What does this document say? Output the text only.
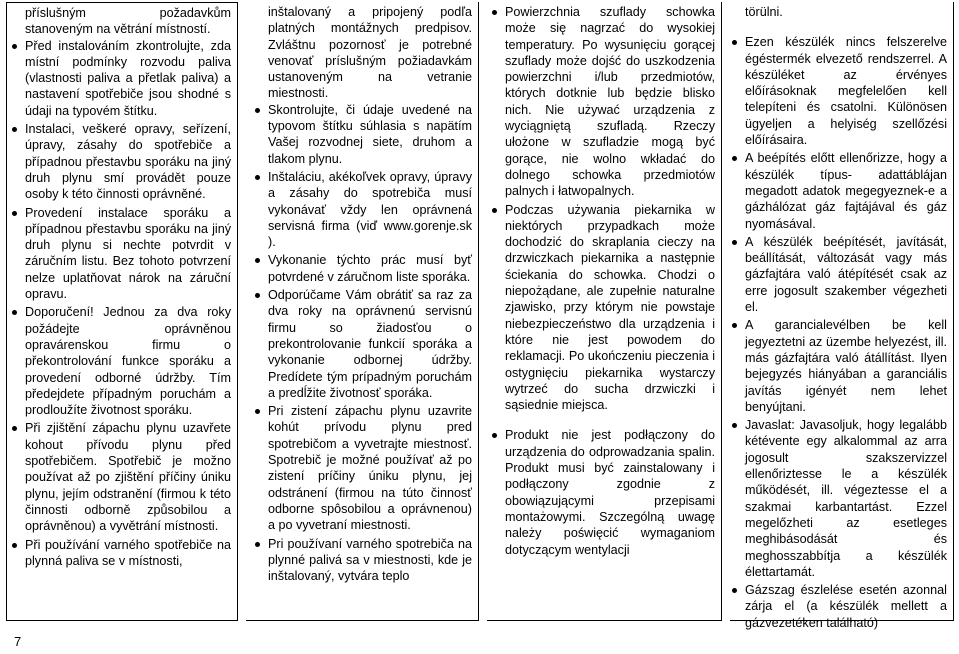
příslušným požadavkům stanoveným na větrání místností.

Před instalováním zkontrolujte, zda místní podmínky rozvodu paliva (vlastnosti paliva a přetlak paliva) a nastavení spotřebiče jsou shodné s údaji na typovém štítku.
Instalaci, veškeré opravy, seřízení, úpravy, zásahy do spotřebiče a případnou přestavbu sporáku na jiný druh plynu smí provádět pouze osoby k této činnosti oprávněné.
Provedení instalace sporáku a případnou přestavbu sporáku na jiný druh plynu si nechte potvrdit v záručním listu. Bez tohoto potvrzení nelze uplatňovat nárok na záruční opravu.
Doporučení! Jednou za dva roky požádejte oprávněnou opravárenskou firmu o překontrolování funkce sporáku a provedení odborné údržby. Tím předejdete případným poruchám a prodloužíte životnost sporáku.
Při zjištění zápachu plynu uzavřete kohout přívodu plynu před spotřebičem. Spotřebič je možno používat až po zjištění příčiny úniku plynu, jejím odstranění (firmou k této činnosti odborně způsobilou a oprávněnou) a vyvětrání místnosti.
Při používání varného spotřebiče na plynná paliva se v místnosti,

inštalovaný a pripojený podľa platných montážnych predpisov. Zvláštnu pozornosť je potrebné venovať príslušným požiadavkám ustanoveným na vetranie miestnosti.

Skontrolujte, či údaje uvedené na typovom štítku súhlasia s napätím Vašej rozvodnej siete, druhom a tlakom plynu.
Inštaláciu, akékoľvek opravy, úpravy a zásahy do spotrebiča musí vykonávať vždy len oprávnená servisná firma (viď www.gorenje.sk ).
Vykonanie týchto prác musí byť potvrdené v záručnom liste sporáka.
Odporúčame Vám obrátiť sa raz za dva roky na oprávnenú servisnú firmu so žiadosťou o prekontrolovanie funkcií sporáka a vykonanie odbornej údržby. Predídete tým prípadným poruchám a predĺžite životnosť sporáka.
Pri zistení zápachu plynu uzavrite kohút prívodu plynu pred spotrebičom a vyvetrajte miestnosť. Spotrebič je možné používať až po zistení príčiny úniku plynu, jej odstránení (firmou na túto činnosť odborne spôsobilou a oprávnenou) a po vyvetraní miestnosti.
Pri používaní varného spotrebiča na plynné palivá sa v miestnosti, kde je inštalovaný, vytvára teplo
Powierzchnia szuflady schowka może się nagrzać do wysokiej temperatury. Po wysunięciu gorącej szuflady może dojść do uszkodzenia powierzchni i/lub przedmiotów, których dotknie lub będzie blisko nich. Nie używać urządzenia z wyciągniętą szufladą. Rzeczy ułożone w szufladzie mogą być gorące, nie wolno wkładać do dolnego schowka przedmiotów palnych i łatwopalnych.
Podczas używania piekarnika w niektórych przypadkach może dochodzić do skraplania cieczy na drzwiczkach piekarnika a następnie ściekania do schowka. Chodzi o niepożądane, ale zupełnie naturalne zjawisko, przy którym nie powstaje niebezpieczeństwo dla urządzenia i które nie jest powodem do reklamacji. Po ukończeniu pieczenia i ostygnięciu piekarnika wystarczy wytrzeć do sucha drzwiczki i sąsiednie miejsca.
Produkt nie jest podłączony do urządzenia do odprowadzania spalin. Produkt musi być zainstalowany i podłączony zgodnie z obowiązującymi przepisami montażowymi. Szczególną uwagę należy poświęcić wymaganiom dotyczącym wentylacji

törülni.

Ezen készülék nincs felszerelve égéstermék elvezető rendszerrel. A készüléket az érvényes előírásoknak megfelelően kell telepíteni és csatolni. Különösen ügyeljen a helyiség szellőzési előírásaira.
A beépítés előtt ellenőrizze, hogy a készülék típus- adattáblájan megadott adatok megegyeznek-e a gázhálózat gáz fajtájával és gáz nyomásával.
A készülék beépítését, javítását, beállítását, változását vagy más gázfajtára való átépítését csak az erre jogosult szakember végezheti el.
A garancialevélben be kell jegyeztetni az üzembe helyezést, ill. más gázfajtára való átállítást. Ilyen bejegyzés hiányában a garanciális javítás igényét nem lehet benyújtani.
Javaslat: Javasoljuk, hogy legalább kétévente egy alkalommal az arra jogosult szakszervizzel ellenőriztesse le a készülék működését, ill. végeztesse el a szakmai karbantartást. Ezzel megelőzheti az esetleges meghibásodását és meghosszabbítja a készülék élettartamát.
Gázszag észlelése esetén azonnal zárja el (a készülék mellett a gázvezetéken található)
7
